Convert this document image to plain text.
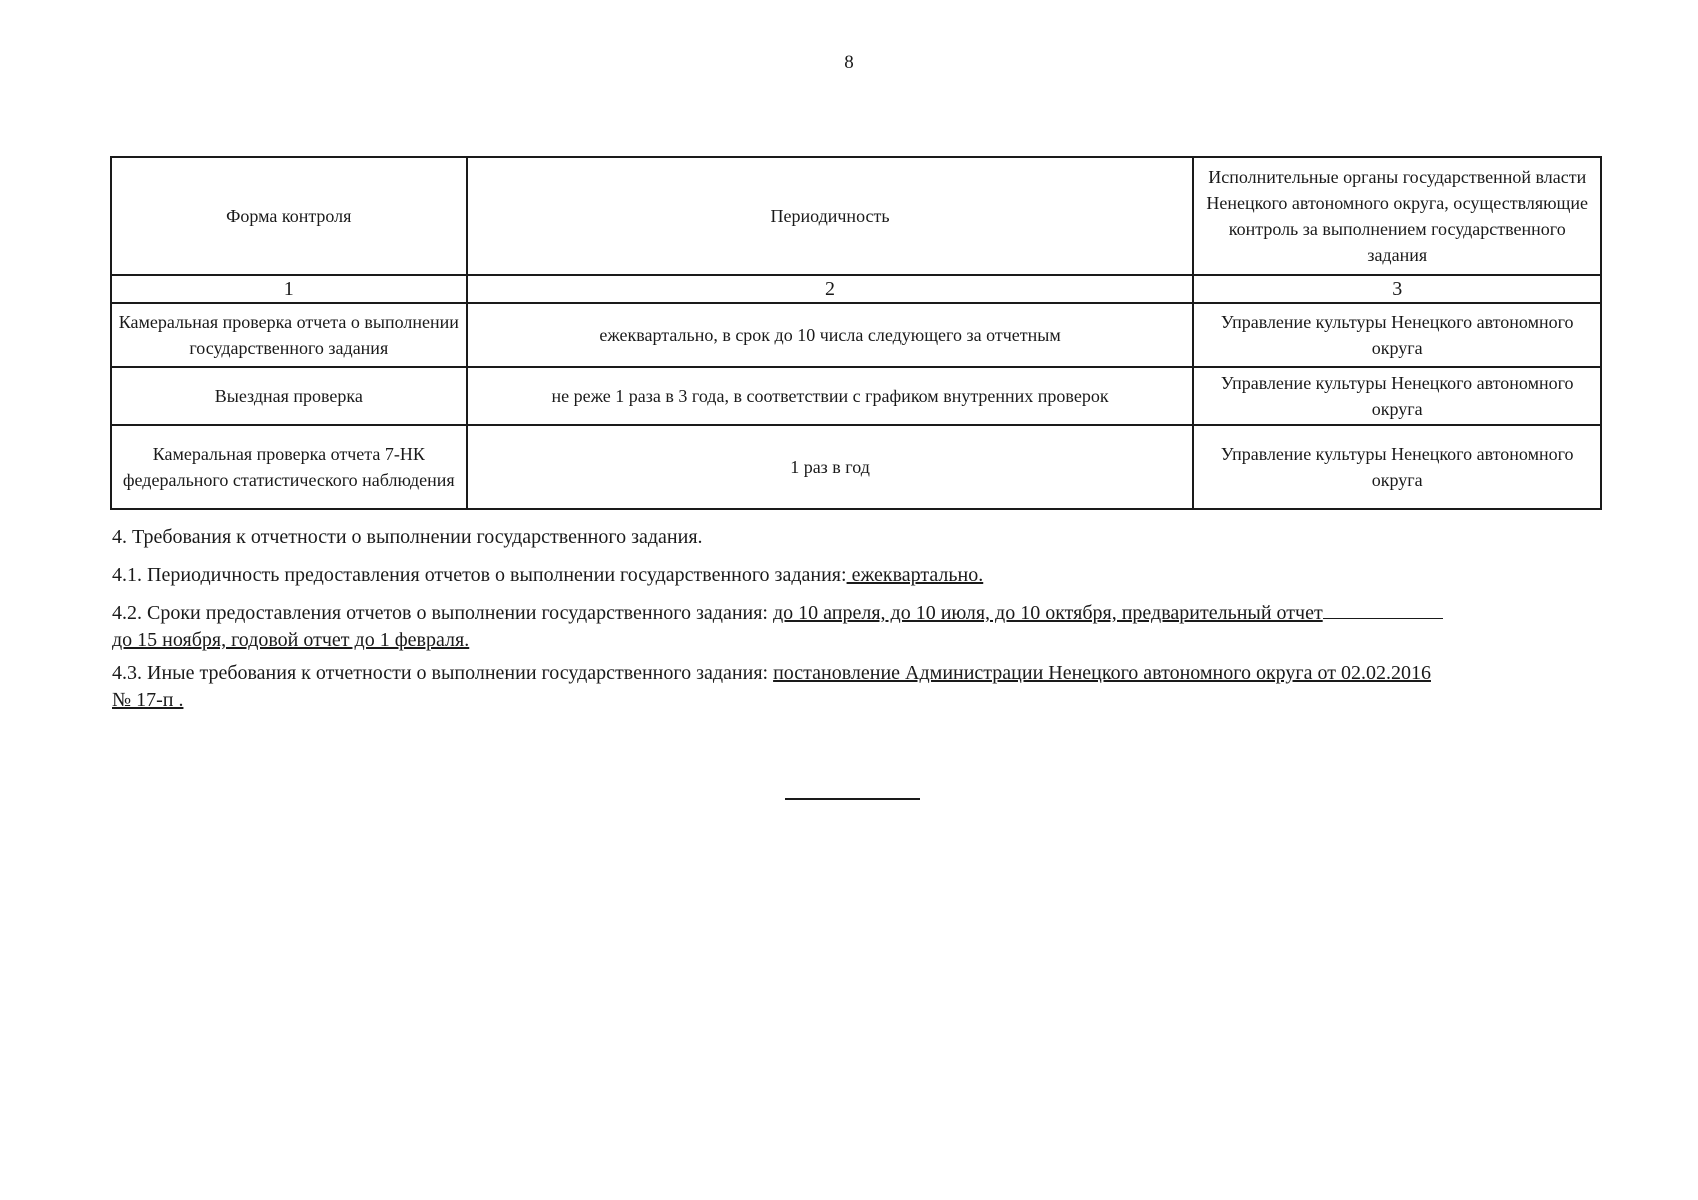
8
Форма контроля	Периодичность	Исполнительные органы государственной власти Ненецкого автономного округа, осуществляющие контроль за выполнением государственного задания
1	2	3
Камеральная проверка отчета о выполнении государственного задания	ежеквартально, в срок до 10 числа следующего за отчетным	Управление культуры Ненецкого автономного округа
Выездная проверка	не реже 1 раза в 3 года, в соответствии с графиком внутренних проверок	Управление культуры Ненецкого автономного округа
Камеральная проверка отчета 7-НК федерального статистического наблюдения	1 раз в год	Управление культуры Ненецкого автономного округа
4. Требования к отчетности о выполнении государственного задания.
4.1. Периодичность предоставления отчетов о выполнении государственного задания: ежеквартально.
4.2. Сроки предоставления отчетов о выполнении государственного задания: до 10 апреля, до 10 июля, до 10 октября, предварительный отчет
до 15 ноября, годовой отчет до 1 февраля.
4.3. Иные требования к отчетности о выполнении государственного задания: постановление Администрации Ненецкого автономного округа от 02.02.2016
№ 17-п .
